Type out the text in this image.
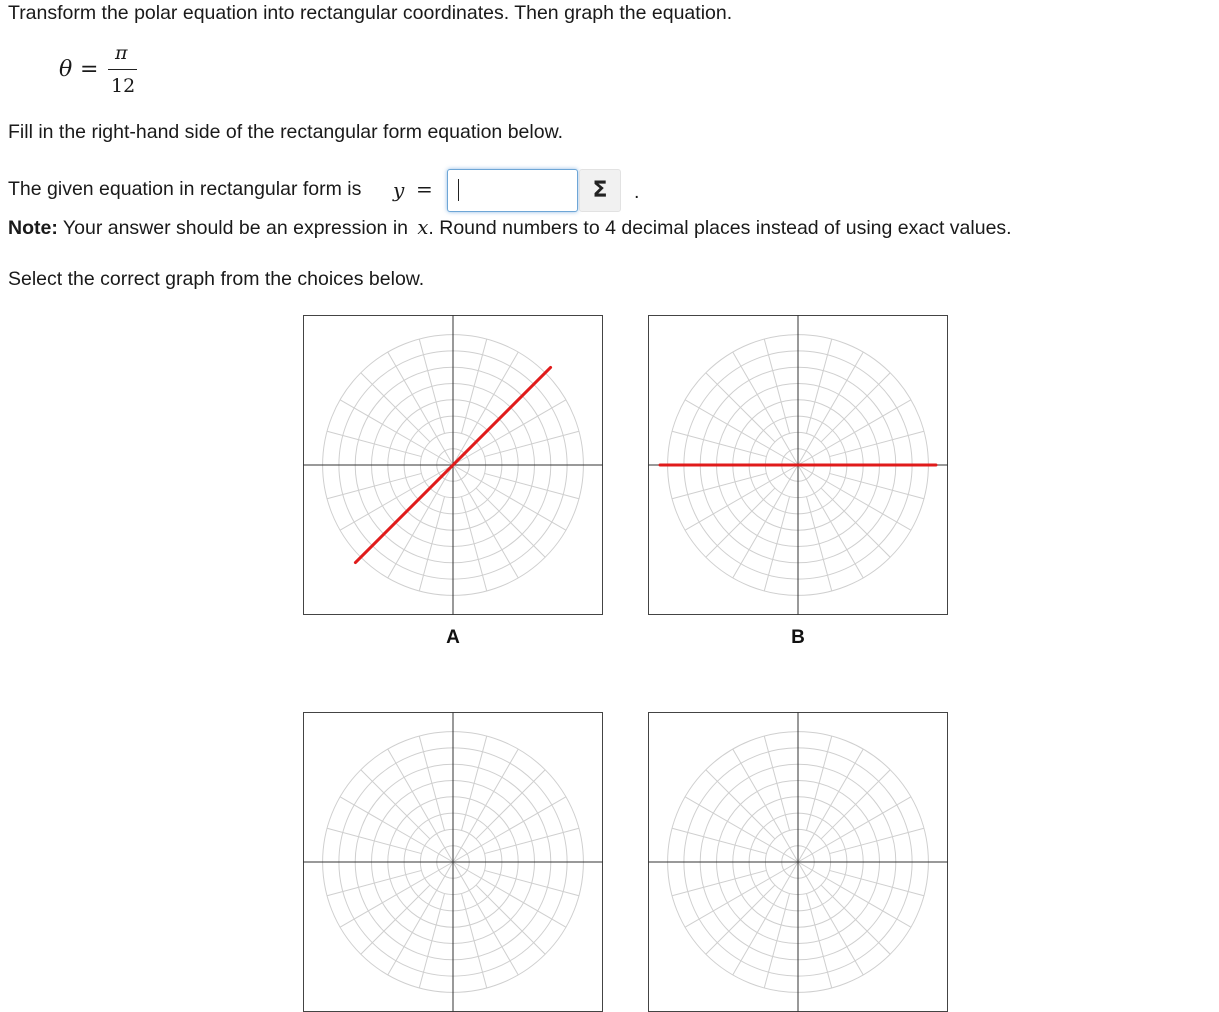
Transform the polar equation into rectangular coordinates. Then graph the equation.
θ =
π
12
Fill in the right-hand side of the rectangular form equation below.
The given equation in rectangular form is y =	Σ	.
Note: Your answer should be an expression in x. Round numbers to 4 decimal places instead of using exact values.
Select the correct graph from the choices below.
A	B
